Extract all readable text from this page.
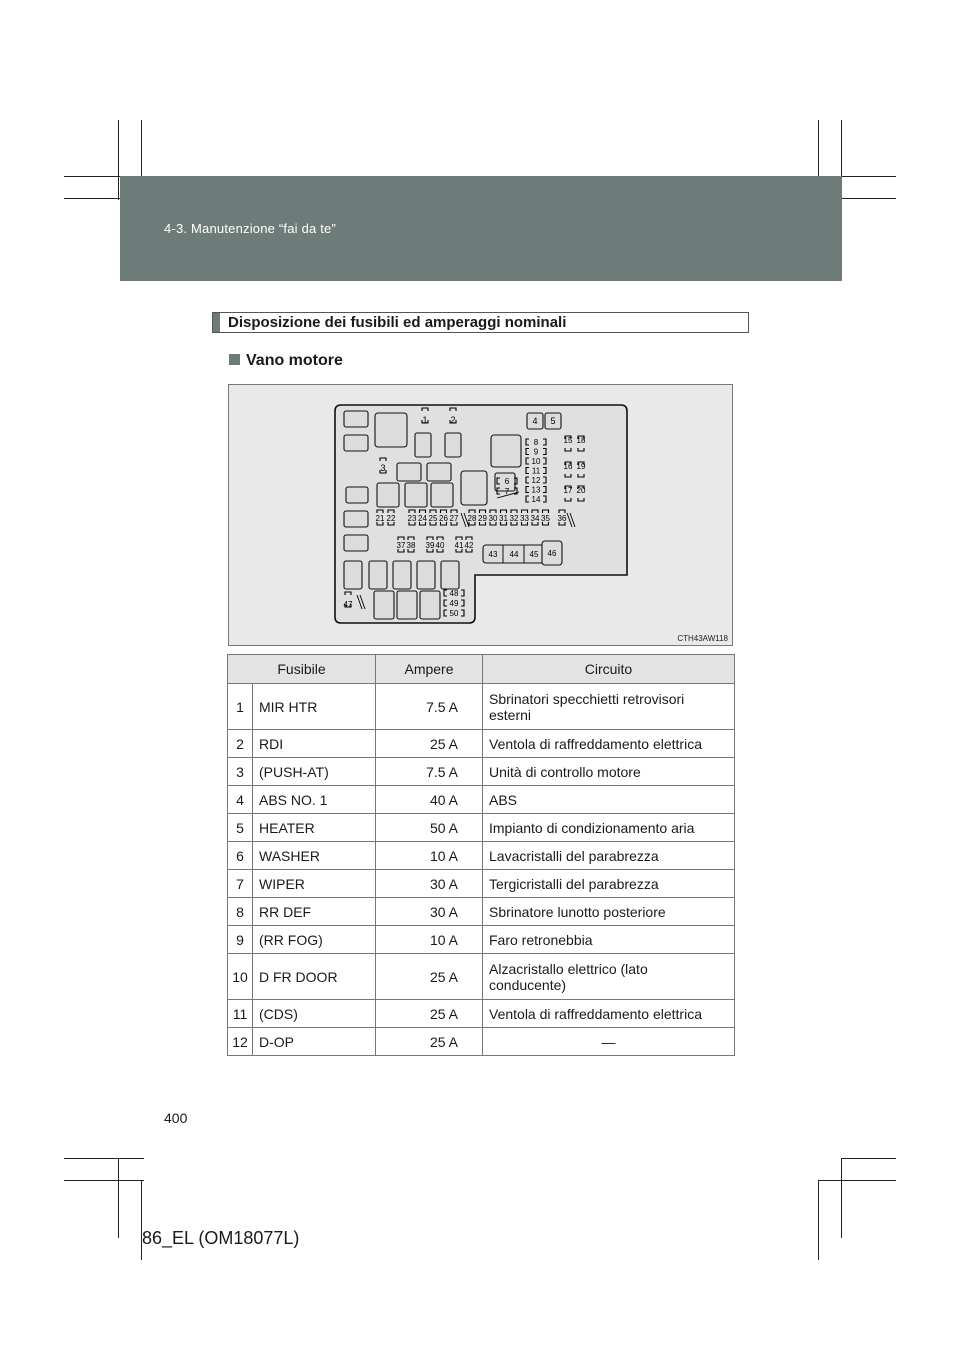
4-3. Manutenzione “fai da te”
Disposizione dei fusibili ed amperaggi nominali
Vano motore
1	2
3
4 5
6
7
8
9
10
11
12
13
14
15 18
16 19
17 20
21 22 23 24 25 26 27 28 29 30 31 32 33 34 35 36
37 38 39 40 41 42
43 44 45 46
47
48
49
50
CTH43AW118
Fusibile		Ampere	Circuito
1	MIR HTR	7.5 A	Sbrinatori specchietti retrovisori esterni
2	RDI	25 A	Ventola di raffreddamento elettrica
3	(PUSH-AT)	7.5 A	Unità di controllo motore
4	ABS NO. 1	40 A	ABS
5	HEATER	50 A	Impianto di condizionamento aria
6	WASHER	10 A	Lavacristalli del parabrezza
7	WIPER	30 A	Tergicristalli del parabrezza
8	RR DEF	30 A	Sbrinatore lunotto posteriore
9	(RR FOG)	10 A	Faro retronebbia
10	D FR DOOR	25 A	Alzacristallo elettrico (lato conducente)
11	(CDS)	25 A	Ventola di raffreddamento elettrica
12	D-OP	25 A	—
400
86_EL (OM18077L)
